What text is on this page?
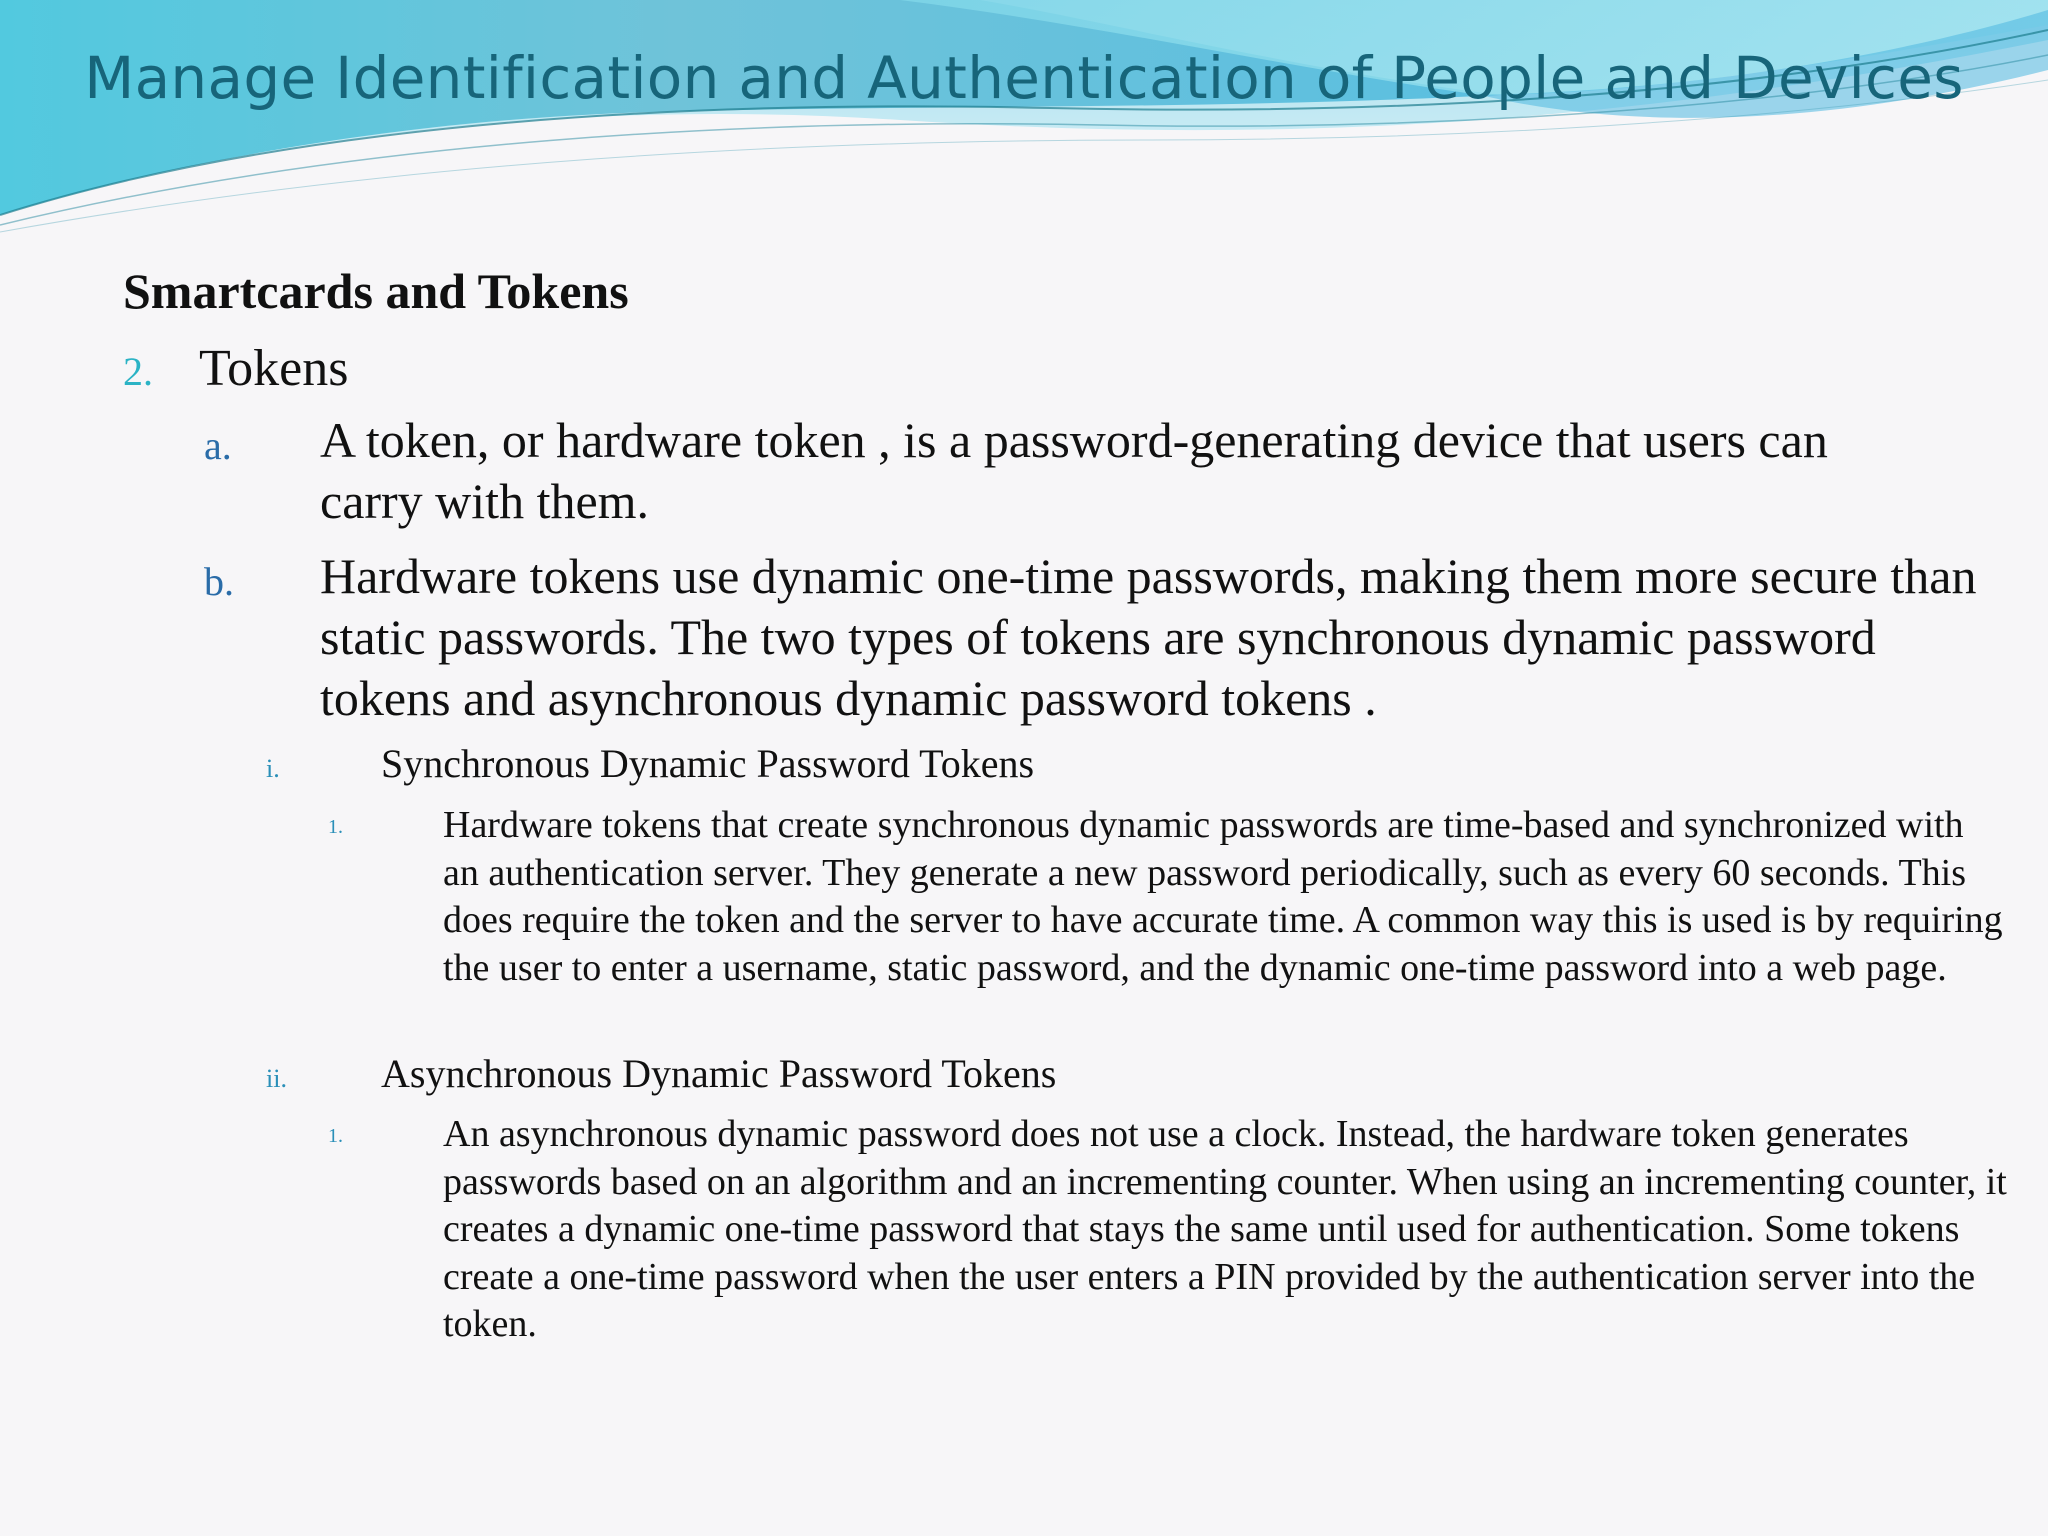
Manage Identification and Authentication of People and Devices
Smartcards and Tokens
2. Tokens
a.	A token, or hardware token , is a password-generating device that users can carry with them.
b.	Hardware tokens use dynamic one-time passwords, making them more secure than static passwords. The two types of tokens are synchronous dynamic password tokens and asynchronous dynamic password tokens .
i.	Synchronous Dynamic Password Tokens
1.	Hardware tokens that create synchronous dynamic passwords are time-based and synchronized with an authentication server. They generate a new password periodically, such as every 60 seconds. This does require the token and the server to have accurate time. A common way this is used is by requiring the user to enter a username, static password, and the dynamic one-time password into a web page.
ii.	Asynchronous Dynamic Password Tokens
1.	An asynchronous dynamic password does not use a clock. Instead, the hardware token generates passwords based on an algorithm and an incrementing counter. When using an incrementing counter, it creates a dynamic one-time password that stays the same until used for authentication. Some tokens create a one-time password when the user enters a PIN provided by the authentication server into the token.
